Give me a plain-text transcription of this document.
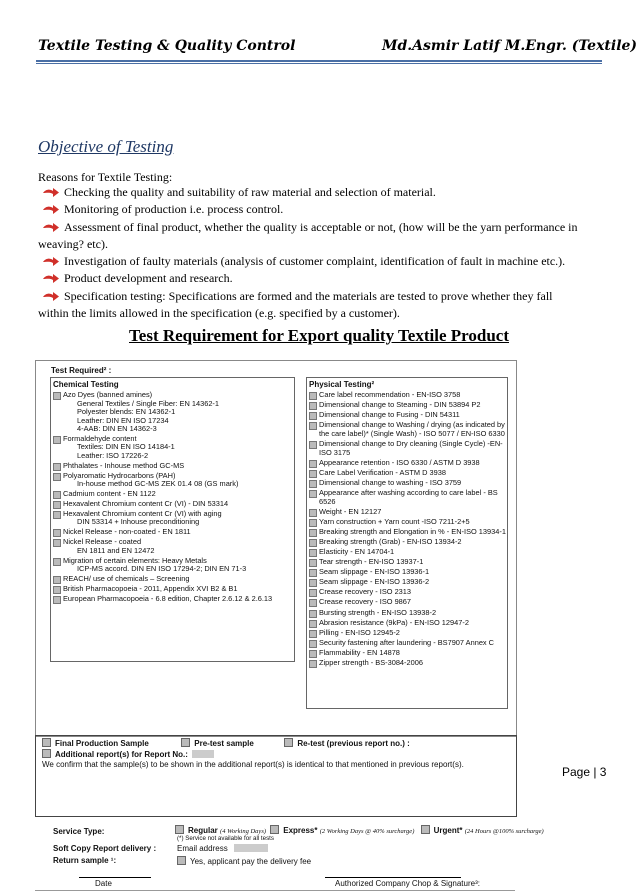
Textile Testing & Quality Control	Md.Asmir Latif M.Engr. (Textile)
Objective of Testing
Reasons for Textile Testing:
Checking the quality and suitability of raw material and selection of material.
Monitoring of production i.e. process control.
Assessment of final product, whether the quality is acceptable or not, (how will be the yarn performance in weaving? etc).
Investigation of faulty materials (analysis of customer complaint, identification of fault in machine etc.).
Product development and research.
Specification testing: Specifications are formed and the materials are tested to prove whether they fall within the limits allowed in the specification (e.g. specified by a customer).
Test Requirement for Export quality Textile Product
Test Required² :
Chemical Testing
Azo Dyes (banned amines)
General Textiles / Single Fiber: EN 14362-1
Polyester blends: EN 14362-1
Leather: DIN EN ISO 17234
4-AAB: DIN EN 14362-3
Formaldehyde content
Textiles: DIN EN ISO 14184-1
Leather: ISO 17226-2
Phthalates - Inhouse method GC-MS
Polyaromatic Hydrocarbons (PAH)
In-house method GC-MS ZEK 01.4 08 (GS mark)
Cadmium content - EN 1122
Hexavalent Chromium content Cr (VI) - DIN 53314
Hexavalent Chromium content Cr (VI) with aging
DIN 53314 + Inhouse preconditioning
Nickel Release - non-coated - EN 1811
Nickel Release - coated
EN 1811 and EN 12472
Migration of certain elements: Heavy Metals
ICP-MS accord. DIN EN ISO 17294-2; DIN EN 71-3
REACH/ use of chemicals – Screening
British Pharmacopoeia - 2011, Appendix XVI B2 & B1
European Pharmacopoeia - 6.8 edition, Chapter 2.6.12 & 2.6.13
Physical Testing²
Care label recommendation - EN-ISO 3758
Dimensional change to Steaming - DIN 53894 P2
Dimensional change to Fusing - DIN 54311
Dimensional change to Washing / drying (as indicated by the care label)* (Single Wash) - ISO 5077 / EN-ISO 6330
Dimensional change to Dry cleaning (Single Cycle) -EN-ISO 3175
Appearance retention - ISO 6330 / ASTM D 3938
Care Label Verification - ASTM D 3938
Dimensional change to washing - ISO 3759
Appearance after washing according to care label - BS 6526
Weight - EN 12127
Yarn construction + Yarn count -ISO 7211-2+5
Breaking strength and Elongation in % - EN-ISO 13934-1
Breaking strength (Grab) - EN-ISO 13934-2
Elasticity - EN 14704-1
Tear strength - EN-ISO 13937-1
Seam slippage - EN-ISO 13936-1
Seam slippage - EN-ISO 13936-2
Crease recovery - ISO 2313
Crease recovery - ISO 9867
Bursting strength - EN-ISO 13938-2
Abrasion resistance (9kPa) - EN-ISO 12947-2
Pilling - EN-ISO 12945-2
Security fastening after laundering - BS7907 Annex C
Flammability - EN 14878
Zipper strength - BS-3084-2006
Final Production Sample	Pre-test sample	Re-test (previous report no.) :
Additional report(s) for Report No.:
We confirm that the sample(s) to be shown in the additional report(s) is identical to that mentioned in previous report(s).
Service Type:	Regular (4 Working Days) Express* (2 Working Days @ 40% surcharge) Urgent* (24 Hours @100% surcharge)
(*) Service not available for all tests
Soft Copy Report delivery :	Email address
Return sample ¹:	Yes, applicant pay the delivery fee
Date	Authorized Company Chop & Signature³:
Page | 3
